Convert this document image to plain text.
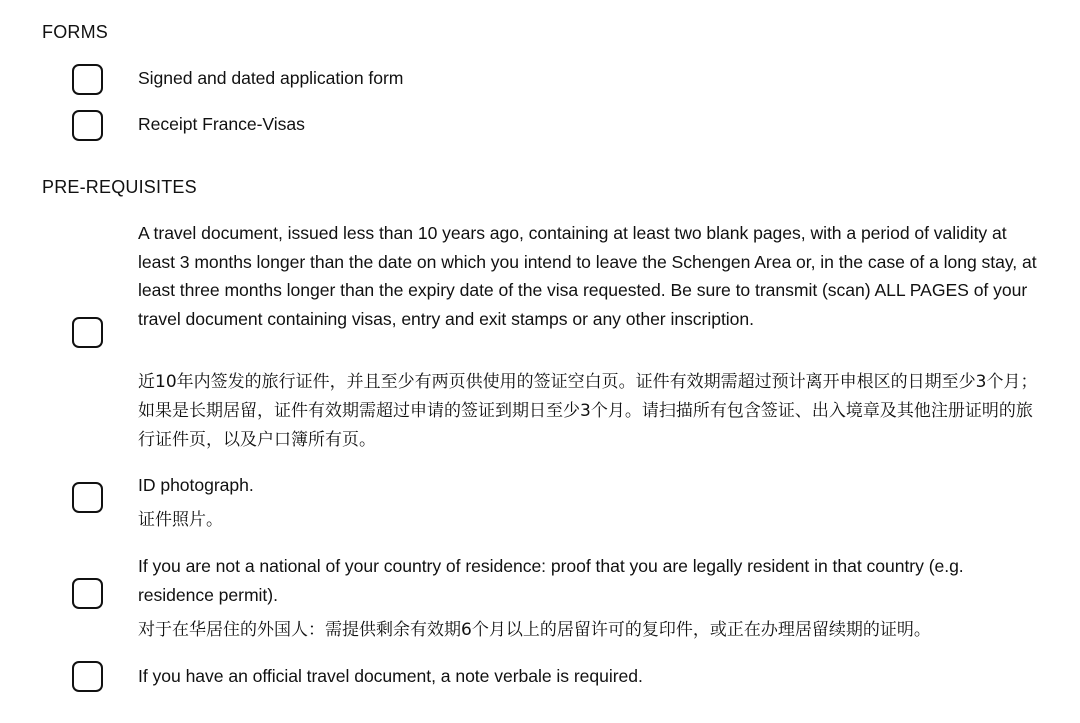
FORMS
Signed and dated application form
Receipt France-Visas
PRE-REQUISITES
A travel document, issued less than 10 years ago, containing at least two blank pages, with a period of validity at least 3 months longer than the date on which you intend to leave the Schengen Area or, in the case of a long stay, at least three months longer than the expiry date of the visa requested. Be sure to transmit (scan) ALL PAGES of your travel document containing visas, entry and exit stamps or any other inscription.
近10年内签发的旅行证件，并且至少有两页供使用的签证空白页。证件有效期需超过预计离开申根区的日期至少3个月；如果是长期居留，证件有效期需超过申请的签证到期日至少3个月。请扫描所有包含签证、出入境章及其他注册证明的旅行证件页，以及户口簿所有页。
ID photograph.
证件照片。
If you are not a national of your country of residence: proof that you are legally resident in that country (e.g. residence permit).
对于在华居住的外国人：需提供剩余有效期6个月以上的居留许可的复印件，或正在办理居留续期的证明。
If you have an official travel document, a note verbale is required.
